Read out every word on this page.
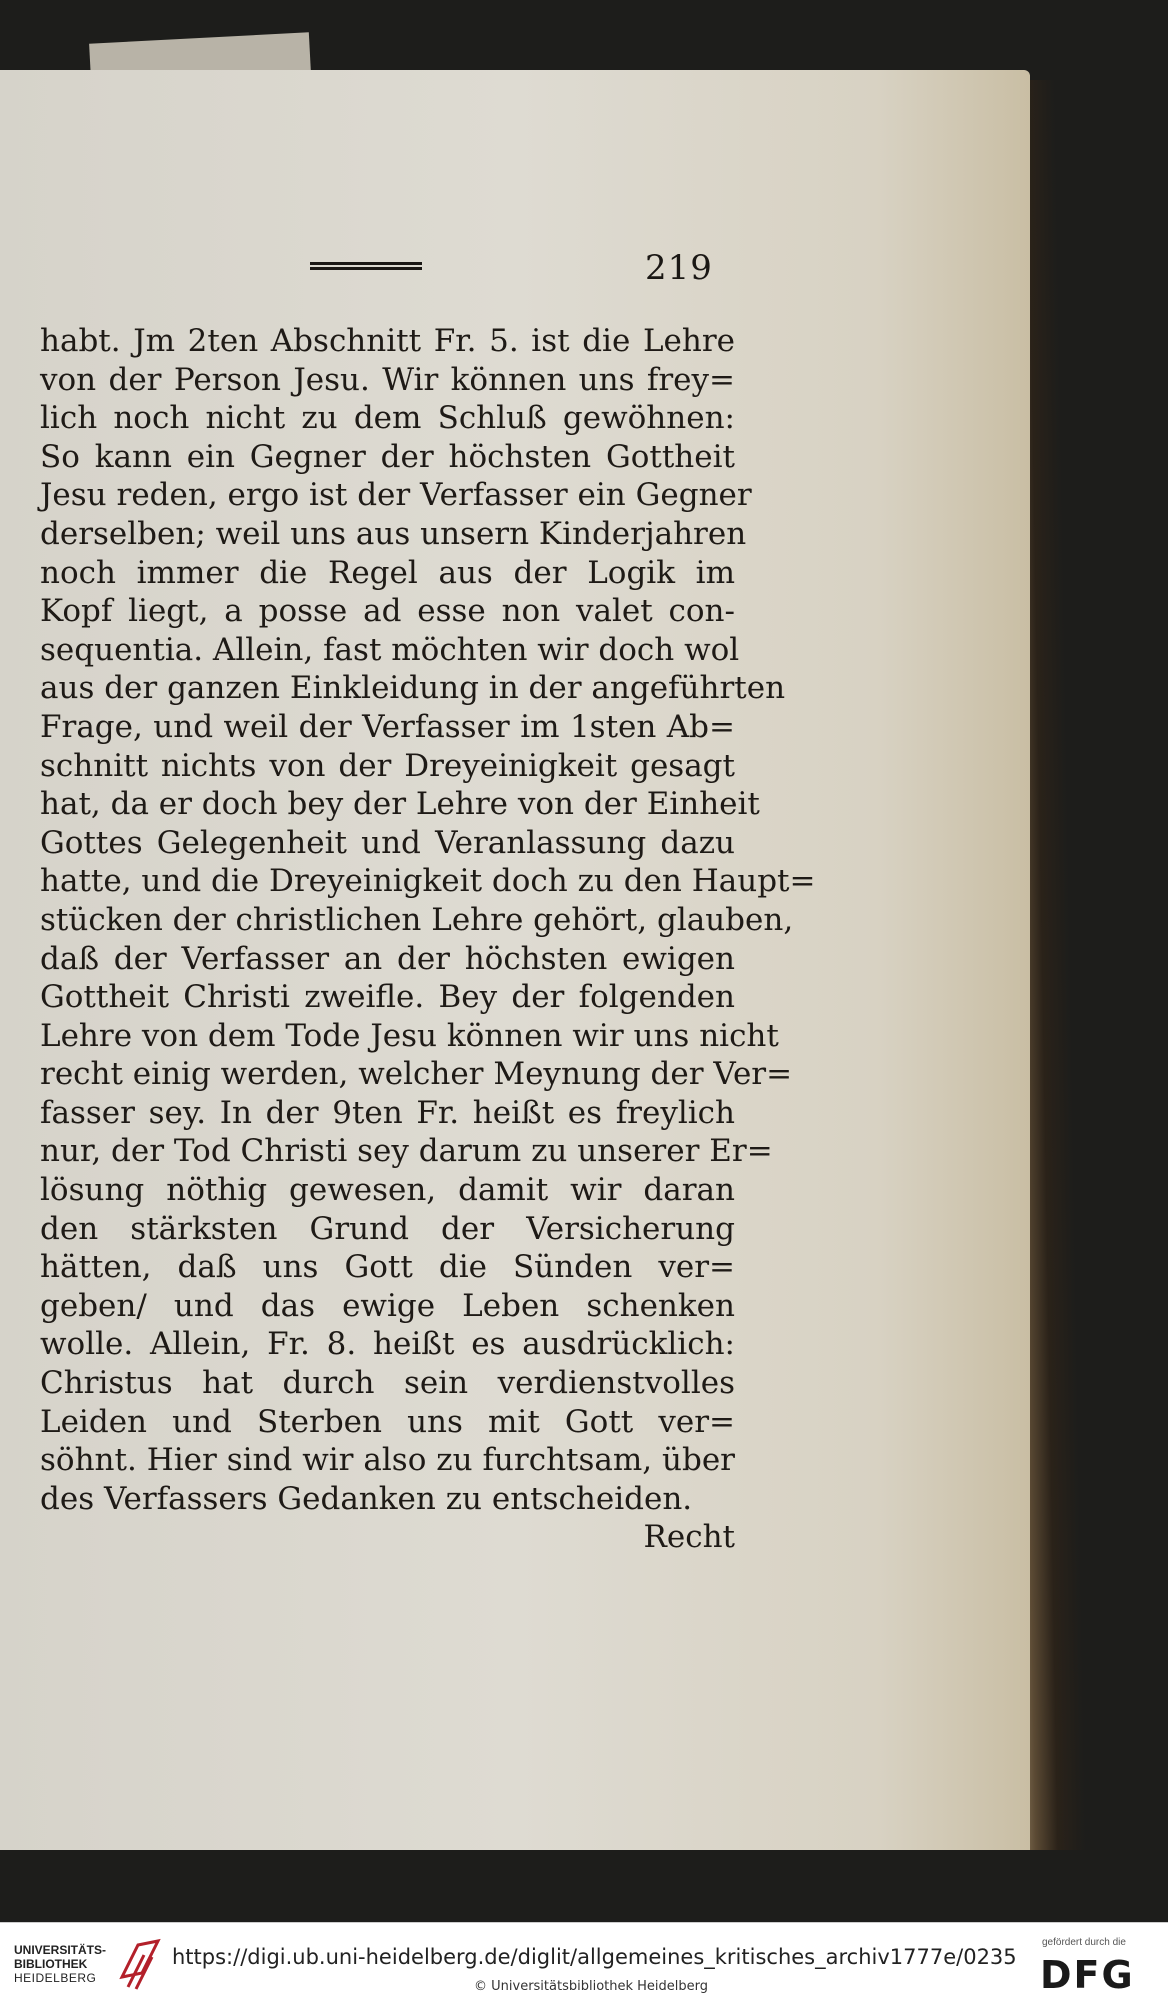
219
habt. Jm 2ten Abschnitt Fr. 5. ist die Lehre
von der Person Jesu. Wir können uns frey=
lich noch nicht zu dem Schluß gewöhnen:
So kann ein Gegner der höchsten Gottheit
Jesu reden, ergo ist der Verfasser ein Gegner
derselben; weil uns aus unsern Kinderjahren
noch immer die Regel aus der Logik im
Kopf liegt, a posse ad esse non valet con-
sequentia. Allein, fast möchten wir doch wol
aus der ganzen Einkleidung in der angeführten
Frage, und weil der Verfasser im 1sten Ab=
schnitt nichts von der Dreyeinigkeit gesagt
hat, da er doch bey der Lehre von der Einheit
Gottes Gelegenheit und Veranlassung dazu
hatte, und die Dreyeinigkeit doch zu den Haupt=
stücken der christlichen Lehre gehört, glauben,
daß der Verfasser an der höchsten ewigen
Gottheit Christi zweifle. Bey der folgenden
Lehre von dem Tode Jesu können wir uns nicht
recht einig werden, welcher Meynung der Ver=
fasser sey. In der 9ten Fr. heißt es freylich
nur, der Tod Christi sey darum zu unserer Er=
lösung nöthig gewesen, damit wir daran
den stärksten Grund der Versicherung
hätten, daß uns Gott die Sünden ver=
geben/ und das ewige Leben schenken
wolle. Allein, Fr. 8. heißt es ausdrücklich:
Christus hat durch sein verdienstvolles
Leiden und Sterben uns mit Gott ver=
söhnt. Hier sind wir also zu furchtsam, über
des Verfassers Gedanken zu entscheiden.
Recht
UNIVERSITÄTS-
BIBLIOTHEK
HEIDELBERG
https://digi.ub.uni-heidelberg.de/diglit/allgemeines_kritisches_archiv1777e/0235
© Universitätsbibliothek Heidelberg
gefördert durch die
DFG
